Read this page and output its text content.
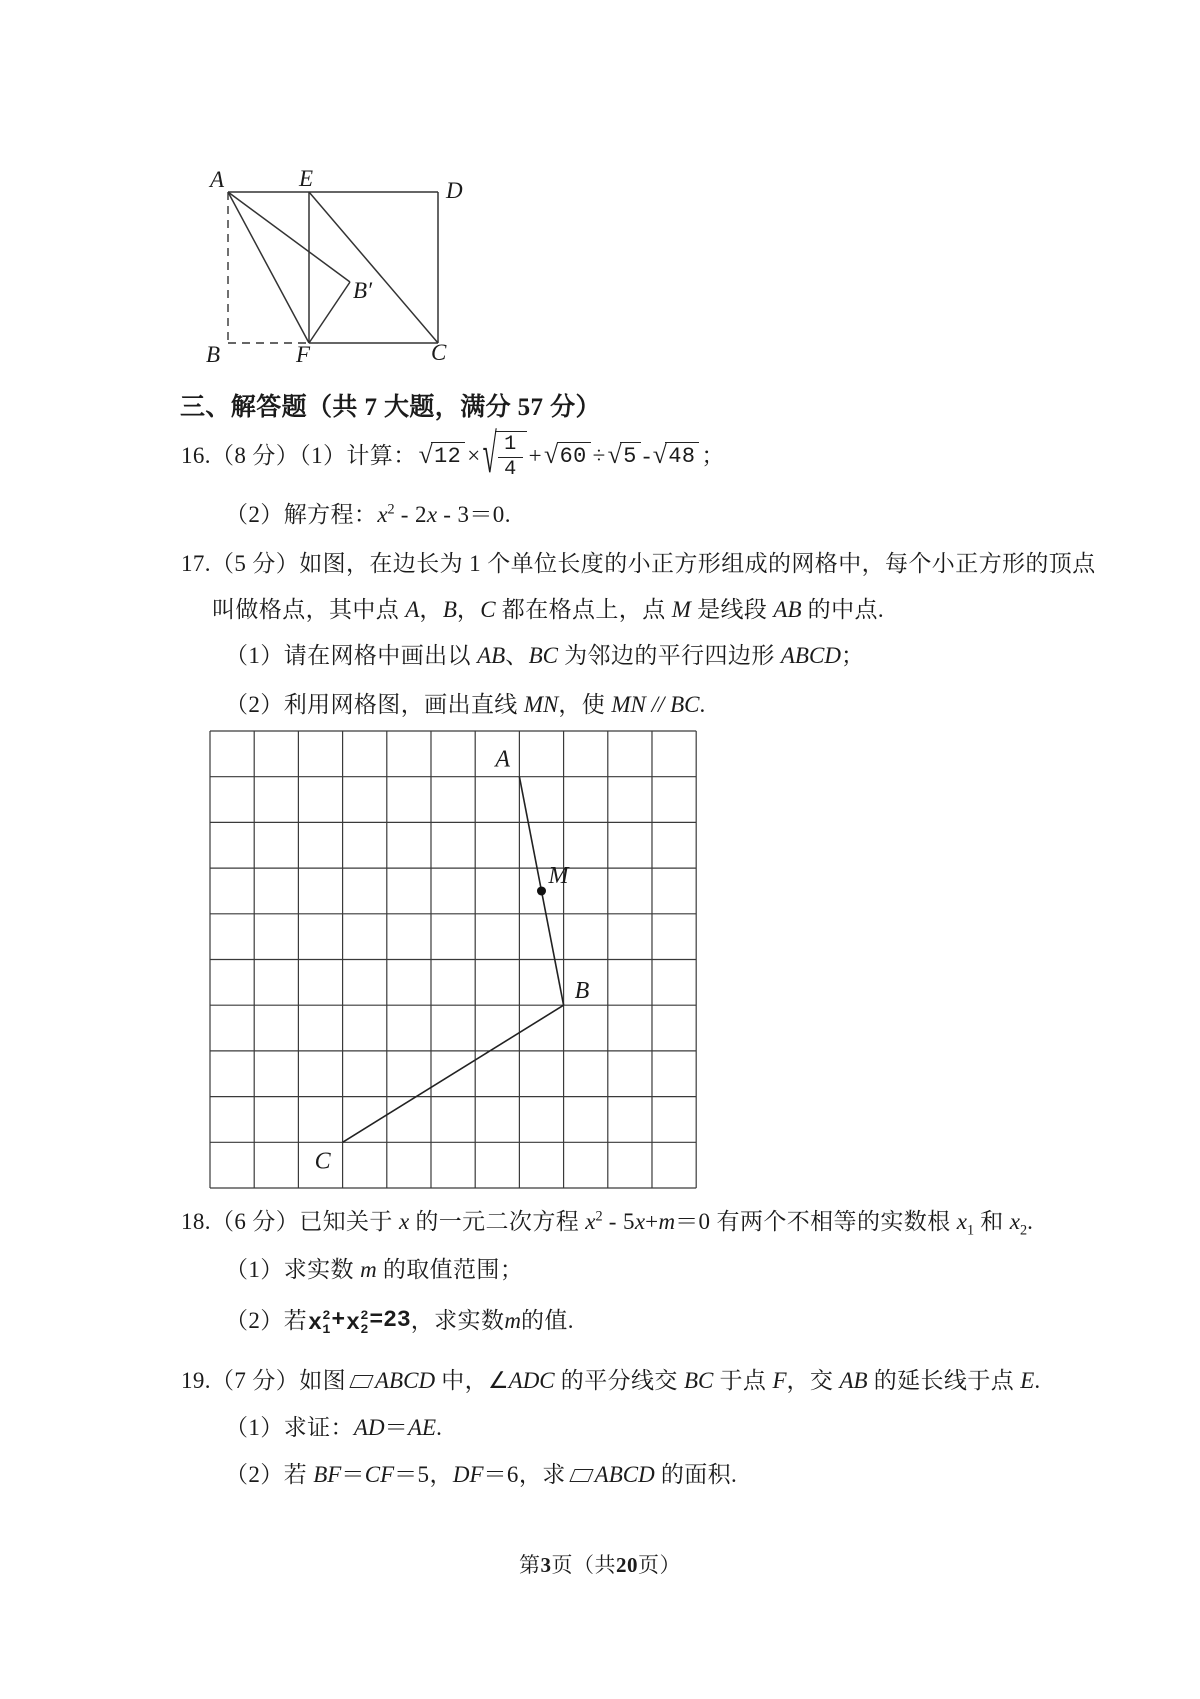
A	E	D
B	F	C
B′
三、解答题（共 7 大题，满分 57 分）
16.（8 分）（1）计算： √ 12 × √ $\frac{1}{4}$ + √ 60 ÷ √ 5 - √ 48 ；
（2）解方程：$x^2 - 2x - 3=0$.
17.（5 分）如图，在边长为 1 个单位长度的小正方形组成的网格中，每个小正方形的顶点
叫做格点，其中点 A，B，C 都在格点上，点 M 是线段 AB 的中点.
（1）请在网格中画出以 AB、BC 为邻边的平行四边形 ABCD；
（2）利用网格图，画出直线 MN，使 MN // BC.
A
M
B
C
18.（6 分）已知关于 x 的一元二次方程 $x^2 - 5x+m=0$ 有两个不相等的实数根 $x_1$ 和 $x_2$.
（1）求实数 m 的取值范围；
（2）若 x 2
1 + x 2
2 =23 ，求实数 m 的值.
19.（7 分）如图 ABCD 中，∠ADC 的平分线交 BC 于点 F，交 AB 的延长线于点 E.
（1）求证：AD＝AE.
（2）若 BF＝CF＝5，DF＝6，求 ABCD 的面积.
第3页（共20页）
